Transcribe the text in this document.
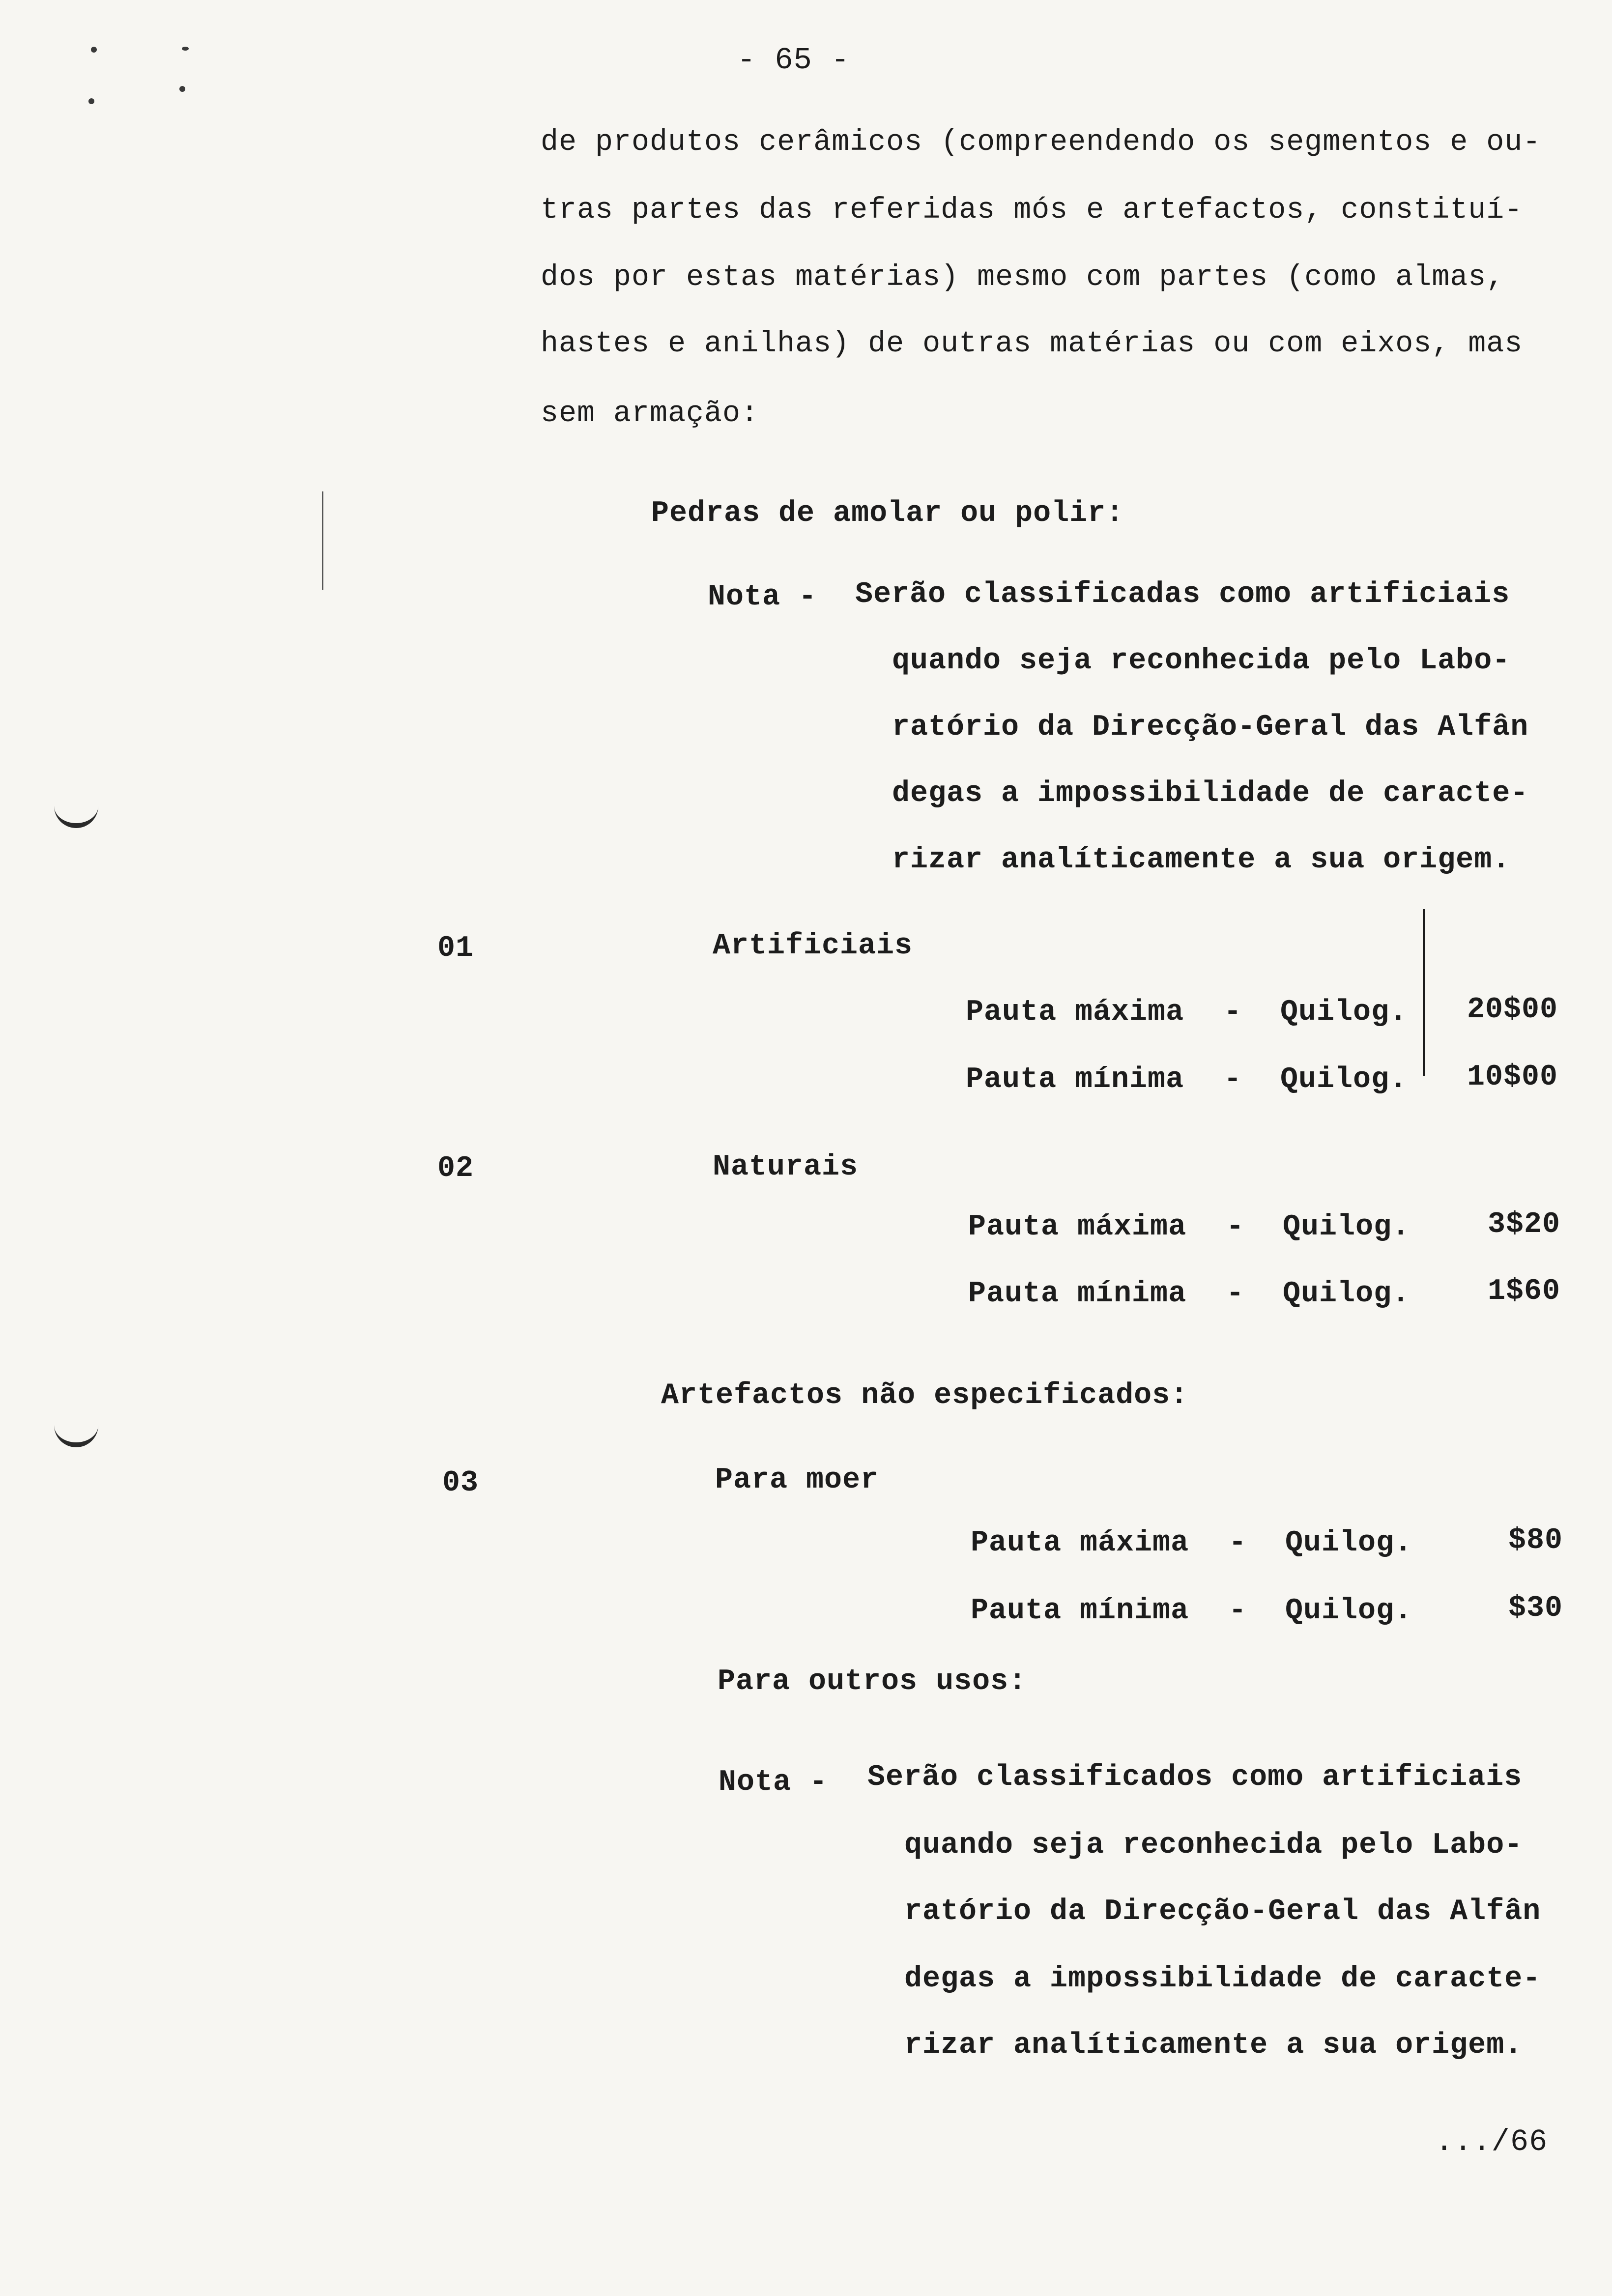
- 65 -
de produtos cerâmicos (compreendendo os segmentos e ou-
tras partes das referidas mós e artefactos, constituí-
dos por estas matérias) mesmo com partes (como almas,
hastes e anilhas) de outras matérias ou com eixos, mas
sem armação:
Pedras de amolar ou polir:
Nota - Serão classificadas como artificiais
quando seja reconhecida pelo Labo-
ratório da Direcção-Geral das Alfân
degas a impossibilidade de caracte-
rizar analíticamente a sua origem.
01	Artificiais
Pauta máxima - Quilog.	20$00
Pauta mínima - Quilog.	10$00
02	Naturais
Pauta máxima - Quilog.	3$20
Pauta mínima - Quilog.	1$60
Artefactos não especificados:
03	Para moer
Pauta máxima - Quilog.	$80
Pauta mínima - Quilog.	$30
Para outros usos:
Nota - Serão classificados como artificiais
quando seja reconhecida pelo Labo-
ratório da Direcção-Geral das Alfân
degas a impossibilidade de caracte-
rizar analíticamente a sua origem.
.../66
